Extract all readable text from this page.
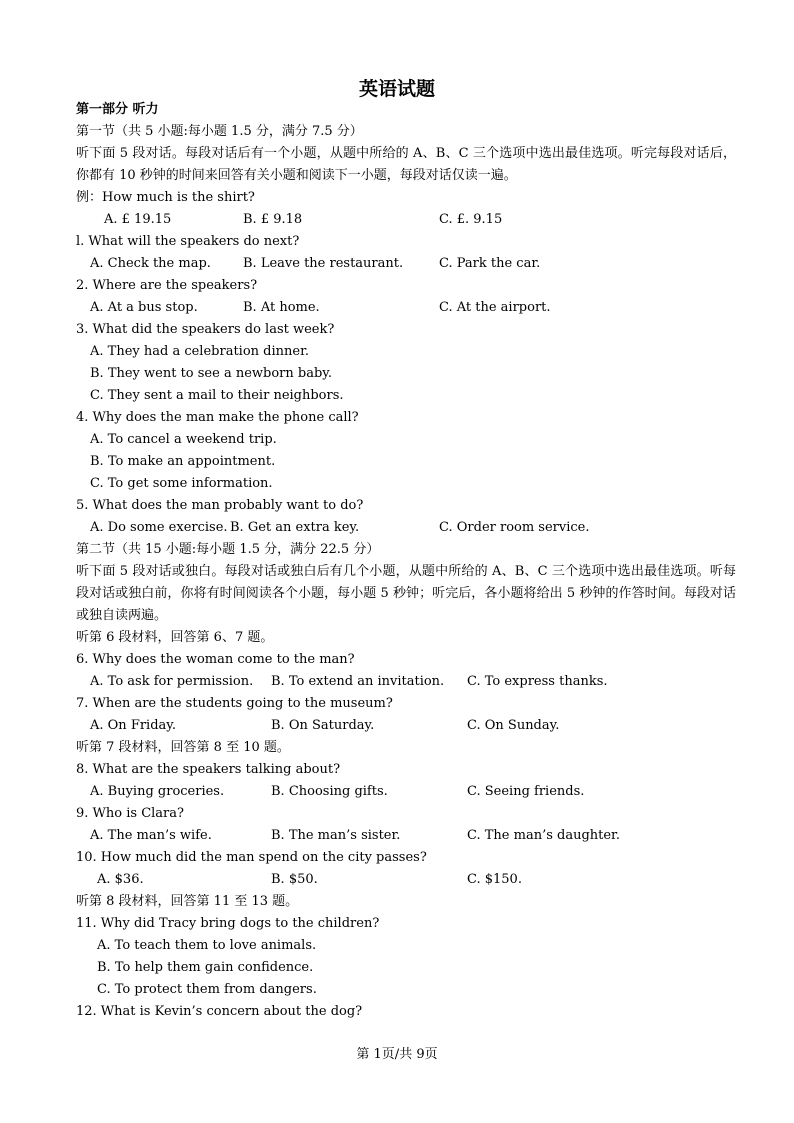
英语试题
第一部分 听力
第一节（共 5 小题:每小题 1.5 分，满分 7.5 分）
听下面 5 段对话。每段对话后有一个小题，从题中所给的 A、B、C 三个选项中选出最佳选项。听完每段对话后，你都有 10 秒钟的时间来回答有关小题和阅读下一小题，每段对话仅读一遍。
例：How much is the shirt?
A. £ 19.15	B. £ 9.18	C. £. 9.15
l. What will the speakers do next?
A. Check the map. B. Leave the restaurant.	C. Park the car.
2. Where are the speakers?
A. At a bus stop.	B. At home.	C. At the airport.
3. What did the speakers do last week?
A. They had a celebration dinner.
B. They went to see a newborn baby.
C. They sent a mail to their neighbors.
4. Why does the man make the phone call?
A. To cancel a weekend trip.
B. To make an appointment.
C. To get some information.
5. What does the man probably want to do?
A. Do some exercise. B. Get an extra key.	C. Order room service.
第二节（共 15 小题:每小题 1.5 分，满分 22.5 分）
听下面 5 段对话或独白。每段对话或独白后有几个小题，从题中所给的 A、B、C 三个选项中选出最佳选项。听每段对话或独白前，你将有时间阅读各个小题，每小题 5 秒钟；听完后，各小题将给出 5 秒钟的作答时间。每段对话或独自读两遍。
听第 6 段材料，回答第 6、7 题。
6. Why does the woman come to the man?
A. To ask for permission. B. To extend an invitation. C. To express thanks.
7. When are the students going to the museum?
A. On Friday.	B. On Saturday.	C. On Sunday.
听第 7 段材料，回答第 8 至 10 题。
8. What are the speakers talking about?
A. Buying groceries.	B. Choosing gifts.	C. Seeing friends.
9. Who is Clara?
A. The man’s wife.	B. The man’s sister.	C. The man’s daughter.
10. How much did the man spend on the city passes?
A. $36.	B. $50.	C. $150.
听第 8 段材料，回答第 11 至 13 题。
11. Why did Tracy bring dogs to the children?
A. To teach them to love animals.
B. To help them gain confidence.
C. To protect them from dangers.
12. What is Kevin’s concern about the dog?
第 1页/共 9页
